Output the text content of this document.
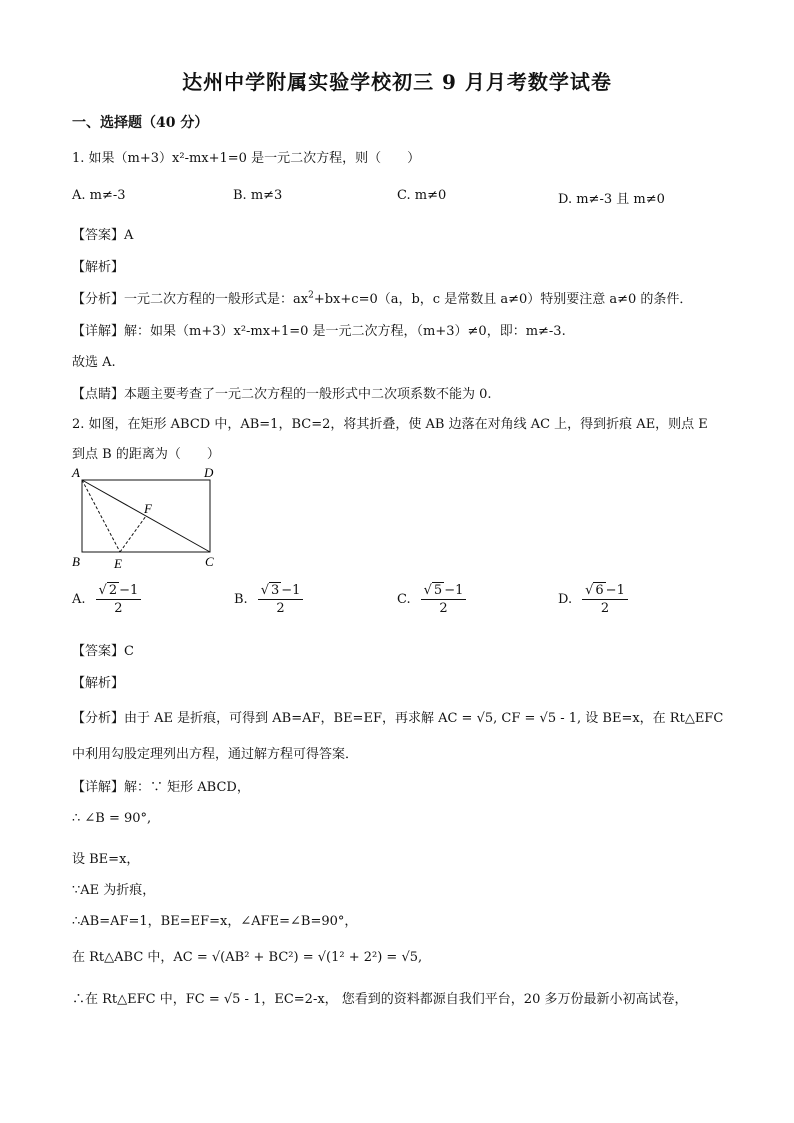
达州中学附属实验学校初三 9 月月考数学试卷
一、选择题（40 分）
1. 如果（m+3）x²-mx+1=0 是一元二次方程，则（　　）
A. m≠-3	B. m≠3	C. m≠0	D. m≠-3 且 m≠0
【答案】A
【解析】
【分析】一元二次方程的一般形式是：$ax^2+bx+c=0(a$，b，c 是常数且 a≠0）特别要注意 a≠0 的条件．
【详解】解：如果（m+3）x²-mx+1=0 是一元二次方程，（m+3）≠0，即：m≠-3.
故选 A.
【点睛】本题主要考查了一元二次方程的一般形式中二次项系数不能为 0.
2. 如图，在矩形 ABCD 中，AB=1，BC=2，将其折叠，使 AB 边落在对角线 AC 上，得到折痕 AE，则点 E
到点 B 的距离为（　　）
A	D
F
B	E	C
A. $\frac{√ 2 -1}{2}$	B. $\frac{√ 3 -1}{2}$	C. $\frac{√ 5 -1}{2}$	D. $\frac{√ 6 -1}{2}$
【答案】C
【解析】
【分析】由于 AE 是折痕，可得到 AB=AF，BE=EF，再求解 AC = √5, CF = √5 - 1, 设 BE=x，在 Rt△EFC
中利用勾股定理列出方程，通过解方程可得答案．
【详解】解：∵ 矩形 ABCD，
∴ ∠B = 90°,
设 BE=x，
∵AE 为折痕，
∴AB=AF=1，BE=EF=x，∠AFE=∠B=90°，
在 Rt△ABC 中，AC = √(AB² + BC²) = √(1² + 2²) = √5,
∴在 Rt△EFC 中，FC = √5 - 1，EC=2-x， 您看到的资料都源自我们平台，20 多万份最新小初高试卷，
